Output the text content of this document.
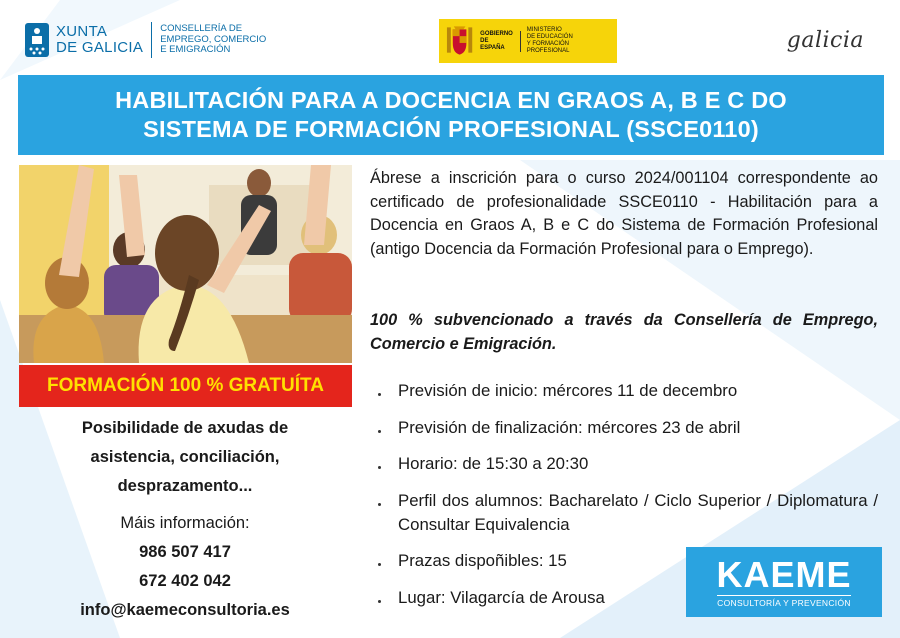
XUNTA
DE GALICIA
CONSELLERÍA DE
EMPREGO, COMERCIO
E EMIGRACIÓN
GOBIERNO
DE ESPAÑA
MINISTERIO
DE EDUCACIÓN
Y FORMACIÓN PROFESIONAL	galicia
HABILITACIÓN PARA A DOCENCIA EN GRAOS A, B E C DO
SISTEMA DE FORMACIÓN PROFESIONAL (SSCE0110)
FORMACIÓN 100 % GRATUÍTA
Posibilidade de axudas de
asistencia, conciliación,
desprazamento...
Máis información:
986 507 417
672 402 042
info@kaemeconsultoria.es

Ábrese a inscrición para o curso 2024/001104 correspondente ao certificado de profesionalidade SSCE0110 - Habilitación para a Docencia en Graos A, B e C do Sistema de Formación Profesional (antigo Docencia da Formación Profesional para o Emprego).

100 % subvencionado a través da Consellería de Emprego, Comercio e Emigración.

Previsión de inicio: mércores 11 de decembro
Previsión de finalización: mércores 23 de abril
Horario: de 15:30 a 20:30
Perfil dos alumnos: Bacharelato / Ciclo Superior / Diplomatura / Consultar Equivalencia
Prazas dispoñibles: 15
Lugar: Vilagarcía de Arousa
KAEME
CONSULTORÍA Y PREVENCIÓN
